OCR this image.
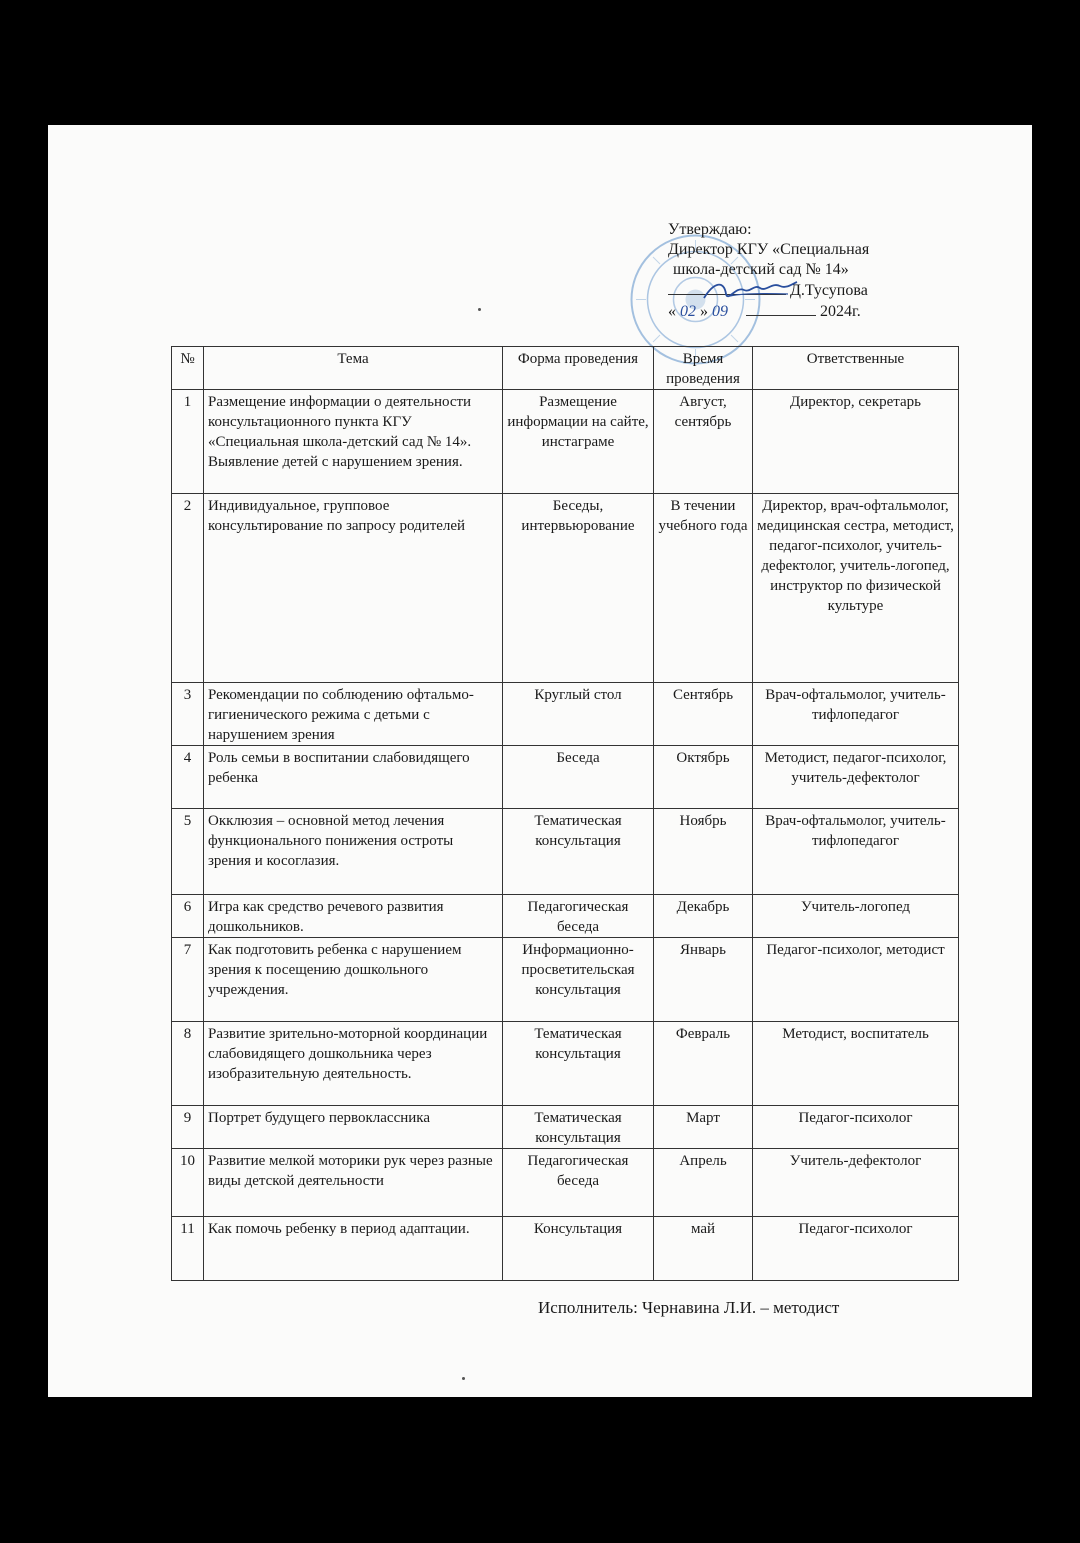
Утверждаю:
Директор КГУ «Специальная
школа-детский сад № 14»
Д.Тусупова
« 02 » 09	2024г.
№	Тема	Форма проведения	Время проведения	Ответственные
1	Размещение информации о деятельности консультационного пункта КГУ «Специальная школа-детский сад № 14». Выявление детей с нарушением зрения.	Размещение информации на сайте, инстаграме	Август, сентябрь	Директор, секретарь
2	Индивидуальное, групповое консультирование по запросу родителей	Беседы, интервьюрование	В течении учебного года	Директор, врач-офтальмолог, медицинская сестра, методист, педагог-психолог, учитель-дефектолог, учитель-логопед, инструктор по физической культуре
3	Рекомендации по соблюдению офтальмо-гигиенического режима с детьми с нарушением зрения	Круглый стол	Сентябрь	Врач-офтальмолог, учитель-тифлопедагог
4	Роль семьи в воспитании слабовидящего ребенка	Беседа	Октябрь	Методист, педагог-психолог, учитель-дефектолог
5	Окклюзия – основной метод лечения функционального понижения остроты зрения и косоглазия.	Тематическая консультация	Ноябрь	Врач-офтальмолог, учитель-тифлопедагог
6	Игра как средство речевого развития дошкольников.	Педагогическая беседа	Декабрь	Учитель-логопед
7	Как подготовить ребенка с нарушением зрения к посещению дошкольного учреждения.	Информационно-просветительская консультация	Январь	Педагог-психолог, методист
8	Развитие зрительно-моторной координации слабовидящего дошкольника через изобразительную деятельность.	Тематическая консультация	Февраль	Методист, воспитатель
9	Портрет будущего первоклассника	Тематическая консультация	Март	Педагог-психолог
10	Развитие мелкой моторики рук через разные виды детской деятельности	Педагогическая беседа	Апрель	Учитель-дефектолог
11	Как помочь ребенку в период адаптации.	Консультация	май	Педагог-психолог
Исполнитель: Чернавина Л.И. – методист
